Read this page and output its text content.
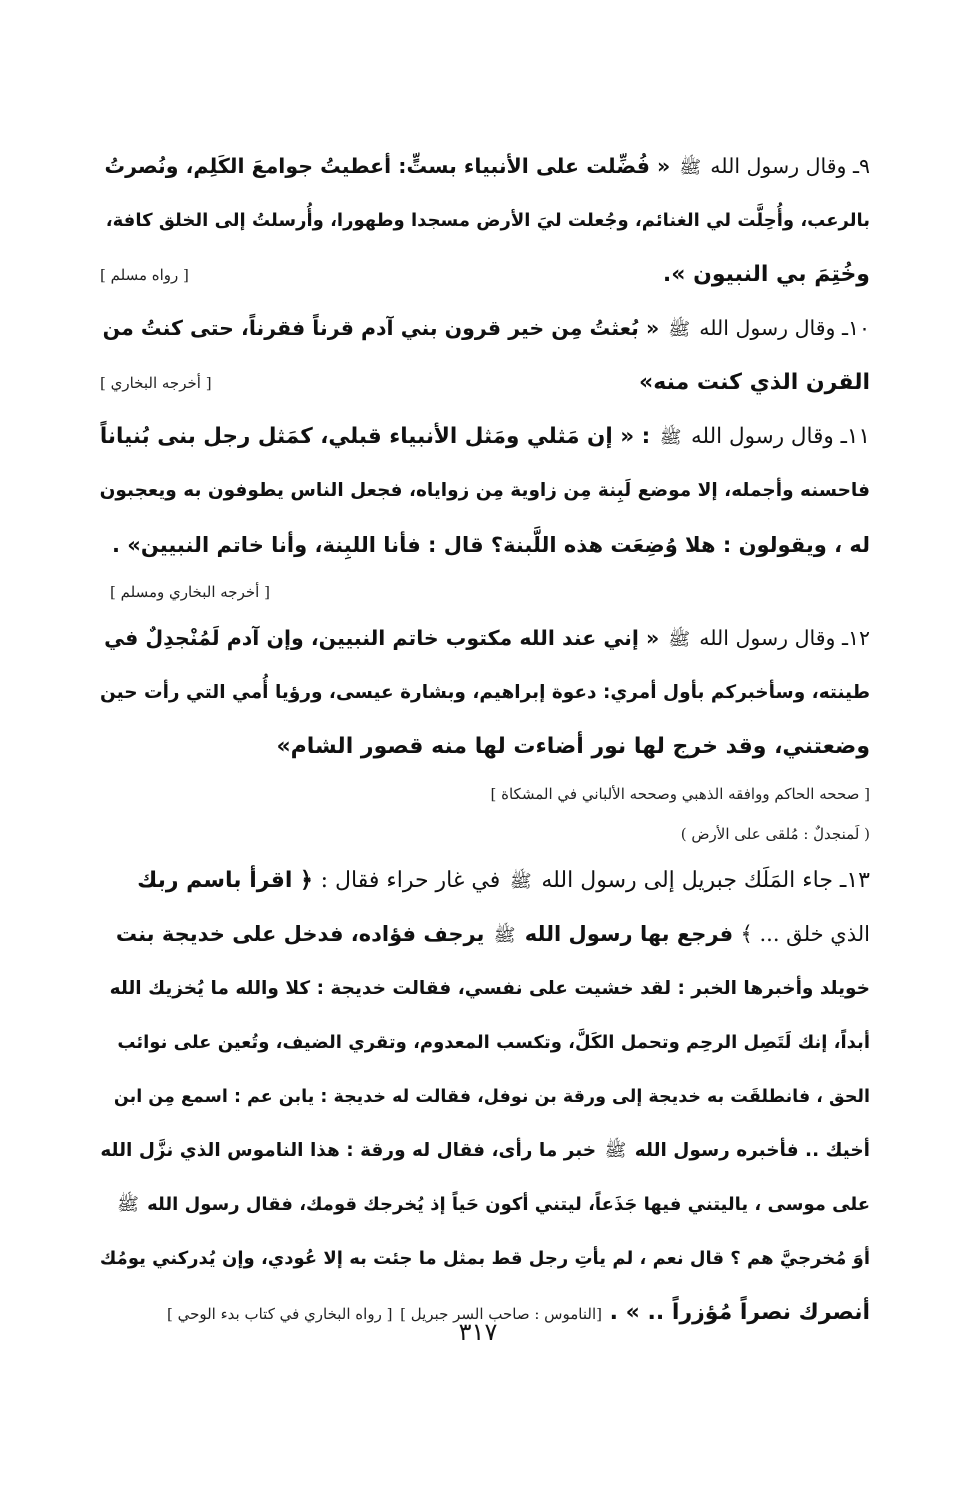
٩ـ وقال رسول الله ﷺ « فُضِّلت على الأنبياء بستٍّ: أعطيتُ جوامعَ الكَلِم، ونُصرتُ
بالرعب، وأُحِلَّت لي الغنائم، وجُعلت ليَ الأرض مسجدا وطهورا، وأُرسلتُ إلى الخلق كافة،
وخُتِمَ بي النبيون ».
[ رواه مسلم ]
١٠ـ وقال رسول الله ﷺ « بُعثتُ مِن خير قرون بني آدم قرناً فقرناً، حتى كنتُ من
القرن الذي كنت منه»
[ أخرجه البخاري ]
١١ـ وقال رسول الله ﷺ : « إن مَثلي ومَثل الأنبياء قبلي، كمَثل رجل بنى بُنياناً
فاحسنه وأجمله، إلا موضع لَبِنة مِن زاوية مِن زواياه، فجعل الناس يطوفون به ويعجبون
له ، ويقولون : هلا وُضِعَت هذه اللَّبنة؟ قال : فأنا اللبِنة، وأنا خاتم النبيين» .
[ أخرجه البخاري ومسلم ]
١٢ـ وقال رسول الله ﷺ « إني عند الله مكتوب خاتم النبيين، وإن آدم لَمُنْجدِلٌ في
طينته، وسأخبركم بأول أمري: دعوة إبراهيم، وبشارة عيسى، ورؤيا أُمي التي رأت حين
وضعتني، وقد خرج لها نور أضاءت لها منه قصور الشام»
[ صححه الحاكم ووافقه الذهبي وصححه الألباني في المشكاة ]
( لَمنجدلٌ : مُلقى على الأرض )
١٣ـ جاء المَلَك جبريل إلى رسول الله ﷺ في غار حراء فقال : ﴿ اقرأ باسم ربك
الذي خلق ... ﴾ فرجع بها رسول الله ﷺ يرجف فؤاده، فدخل على خديجة بنت
خويلد وأخبرها الخبر : لقد خشيت على نفسي، فقالت خديجة : كلا والله ما يُخزيك الله
أبداً، إنك لَتَصِل الرحِم وتحمل الكَلَّ، وتكسب المعدوم، وتقري الضيف، وتُعين على نوائب
الحق ، فانطلقَت به خديجة إلى ورقة بن نوفل، فقالت له خديجة : يابن عم : اسمع مِن ابن
أخيك .. فأخبره رسول الله ﷺ خبر ما رأى، فقال له ورقة : هذا الناموس الذي نزَّل الله
على موسى ، ياليتني فيها جَذَعاً، ليتني أكون حَياً إذ يُخرجك قومك، فقال رسول الله ﷺ
أوَ مُخرجيَّ هم ؟ قال نعم ، لم يأتِ رجل قط بمثل ما جئت به إلا عُودي، وإن يُدركني يومُك
أنصرك نصراً مُؤزراً .. » . [الناموس : صاحب السر جبريل ] [ رواه البخاري في كتاب بدء الوحي ]
٣١٧
